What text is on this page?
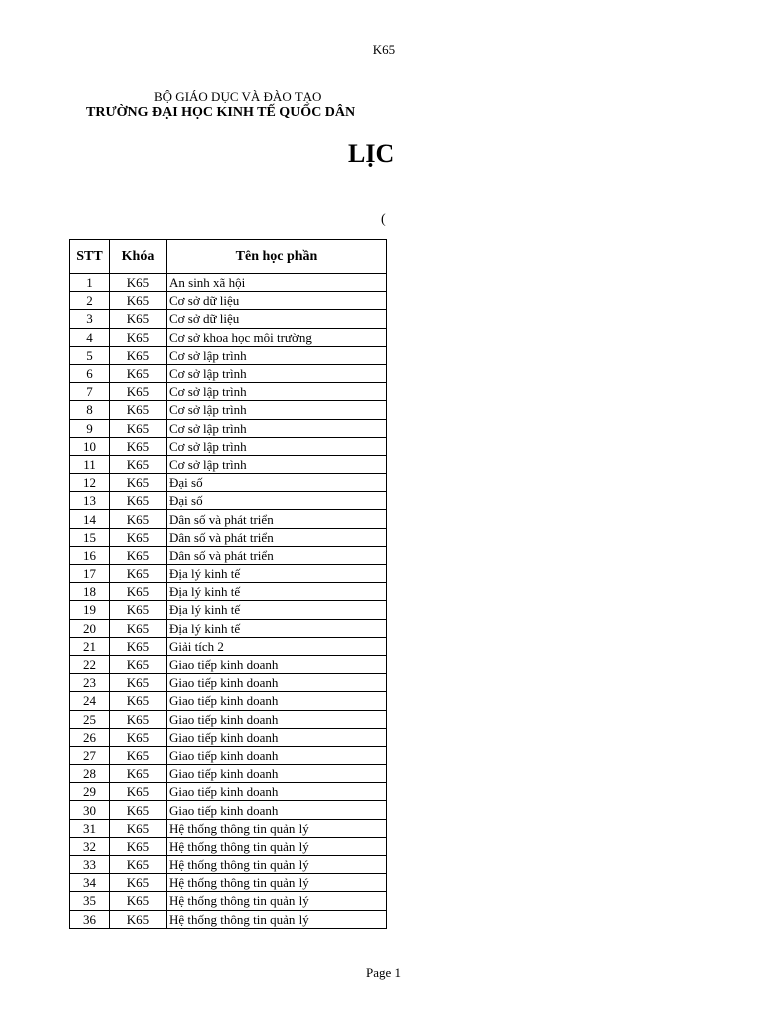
K65
BỘ GIÁO DỤC VÀ ĐÀO TẠO
TRƯỜNG ĐẠI HỌC KINH TẾ QUỐC DÂN
LỊC
(
STT	Khóa	Tên học phần
1	K65	An sinh xã hội
2	K65	Cơ sở dữ liệu
3	K65	Cơ sở dữ liệu
4	K65	Cơ sở khoa học môi trường
5	K65	Cơ sở lập trình
6	K65	Cơ sở lập trình
7	K65	Cơ sở lập trình
8	K65	Cơ sở lập trình
9	K65	Cơ sở lập trình
10	K65	Cơ sở lập trình
11	K65	Cơ sở lập trình
12	K65	Đại số
13	K65	Đại số
14	K65	Dân số và phát triển
15	K65	Dân số và phát triển
16	K65	Dân số và phát triển
17	K65	Địa lý kinh tế
18	K65	Địa lý kinh tế
19	K65	Địa lý kinh tế
20	K65	Địa lý kinh tế
21	K65	Giải tích 2
22	K65	Giao tiếp kinh doanh
23	K65	Giao tiếp kinh doanh
24	K65	Giao tiếp kinh doanh
25	K65	Giao tiếp kinh doanh
26	K65	Giao tiếp kinh doanh
27	K65	Giao tiếp kinh doanh
28	K65	Giao tiếp kinh doanh
29	K65	Giao tiếp kinh doanh
30	K65	Giao tiếp kinh doanh
31	K65	Hệ thống thông tin quản lý
32	K65	Hệ thống thông tin quản lý
33	K65	Hệ thống thông tin quản lý
34	K65	Hệ thống thông tin quản lý
35	K65	Hệ thống thông tin quản lý
36	K65	Hệ thống thông tin quản lý
Page 1
